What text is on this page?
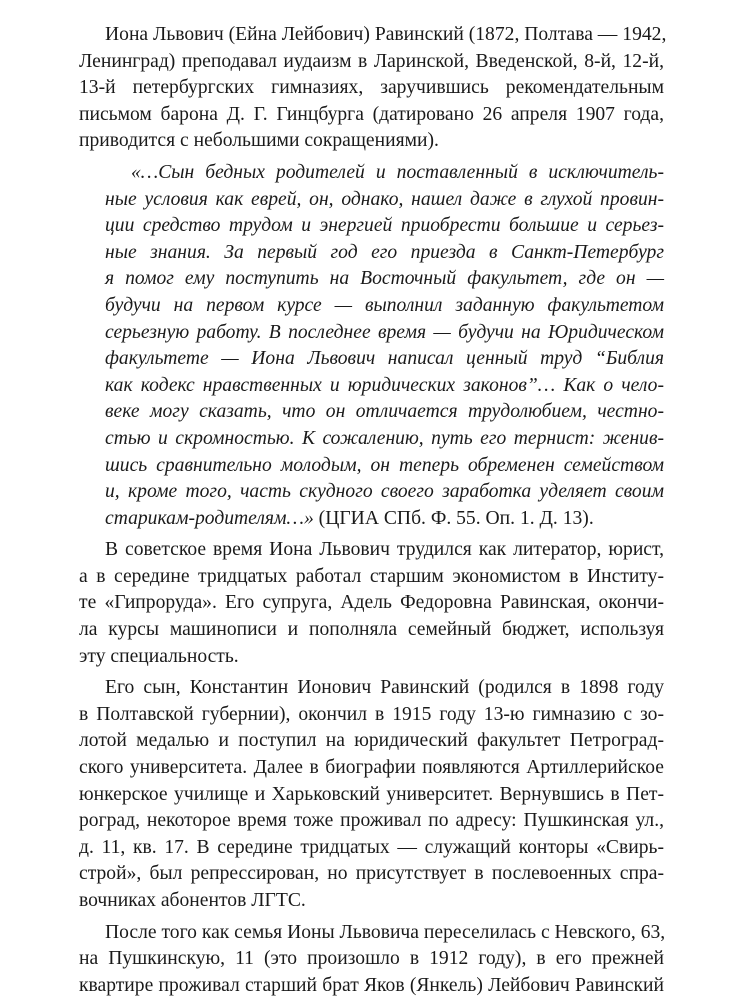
Иона Львович (Ейна Лейбович) Равинский (1872, Полтава — 1942,
Ленинград) преподавал иудаизм в Ларинской, Введенской, 8-й, 12-й,
13-й петербургских гимназиях, заручившись рекомендательным
письмом барона Д. Г. Гинцбурга (датировано 26 апреля 1907 года,
приводится с небольшими сокращениями).

«…Сын бедных родителей и поставленный в исключитель-
ные условия как еврей, он, однако, нашел даже в глухой провин-
ции средство трудом и энергией приобрести большие и серьез-
ные знания. За первый год его приезда в Санкт-Петербург
я помог ему поступить на Восточный факультет, где он —
будучи на первом курсе — выполнил заданную факультетом
серьезную работу. В последнее время — будучи на Юридическом
факультете — Иона Львович написал ценный труд “Библия
как кодекс нравственных и юридических законов”… Как о чело-
веке могу сказать, что он отличается трудолюбием, честно-
стью и скромностью. К сожалению, путь его тернист: женив-
шись сравнительно молодым, он теперь обременен семейством
и, кроме того, часть скудного своего заработка уделяет своим
старикам-родителям…» (ЦГИА СПб. Ф. 55. Оп. 1. Д. 13).

В советское время Иона Львович трудился как литератор, юрист,
а в середине тридцатых работал старшим экономистом в Институ-
те «Гипроруда». Его супруга, Адель Федоровна Равинская, окончи-
ла курсы машинописи и пополняла семейный бюджет, используя
эту специальность.

Его сын, Константин Ионович Равинский (родился в 1898 году
в Полтавской губернии), окончил в 1915 году 13-ю гимназию с зо-
лотой медалью и поступил на юридический факультет Петроград-
ского университета. Далее в биографии появляются Артиллерийское
юнкерское училище и Харьковский университет. Вернувшись в Пет-
роград, некоторое время тоже проживал по адресу: Пушкинская ул.,
д. 11, кв. 17. В середине тридцатых — служащий конторы «Свирь-
строй», был репрессирован, но присутствует в послевоенных спра-
вочниках абонентов ЛГТС.

После того как семья Ионы Львовича переселилась с Невского, 63,
на Пушкинскую, 11 (это произошло в 1912 году), в его прежней
квартире проживал старший брат Яков (Янкель) Лейбович Равинский
